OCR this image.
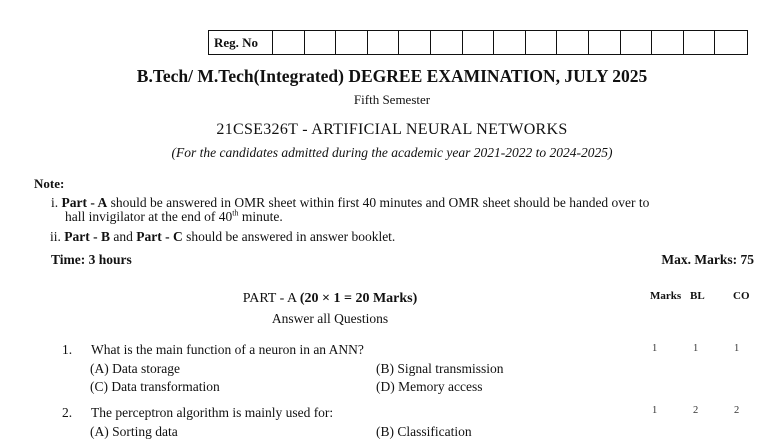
Reg. No
B.Tech/ M.Tech(Integrated) DEGREE EXAMINATION, JULY 2025
Fifth Semester
21CSE326T - ARTIFICIAL NEURAL NETWORKS
(For the candidates admitted during the academic year 2021-2022 to 2024-2025)
Note:
i. Part - A should be answered in OMR sheet within first 40 minutes and OMR sheet should be handed over to
hall invigilator at the end of 40th minute.
ii. Part - B and Part - C should be answered in answer booklet.
Time: 3 hours	Max. Marks: 75
PART - A (20 × 1 = 20 Marks)
Answer all Questions
Marks BL	CO
1. What is the main function of a neuron in an ANN?	1	1	1
(A) Data storage	(B) Signal transmission
(C) Data transformation	(D) Memory access
2. The perceptron algorithm is mainly used for:	1	2	2
(A) Sorting data	(B) Classification
